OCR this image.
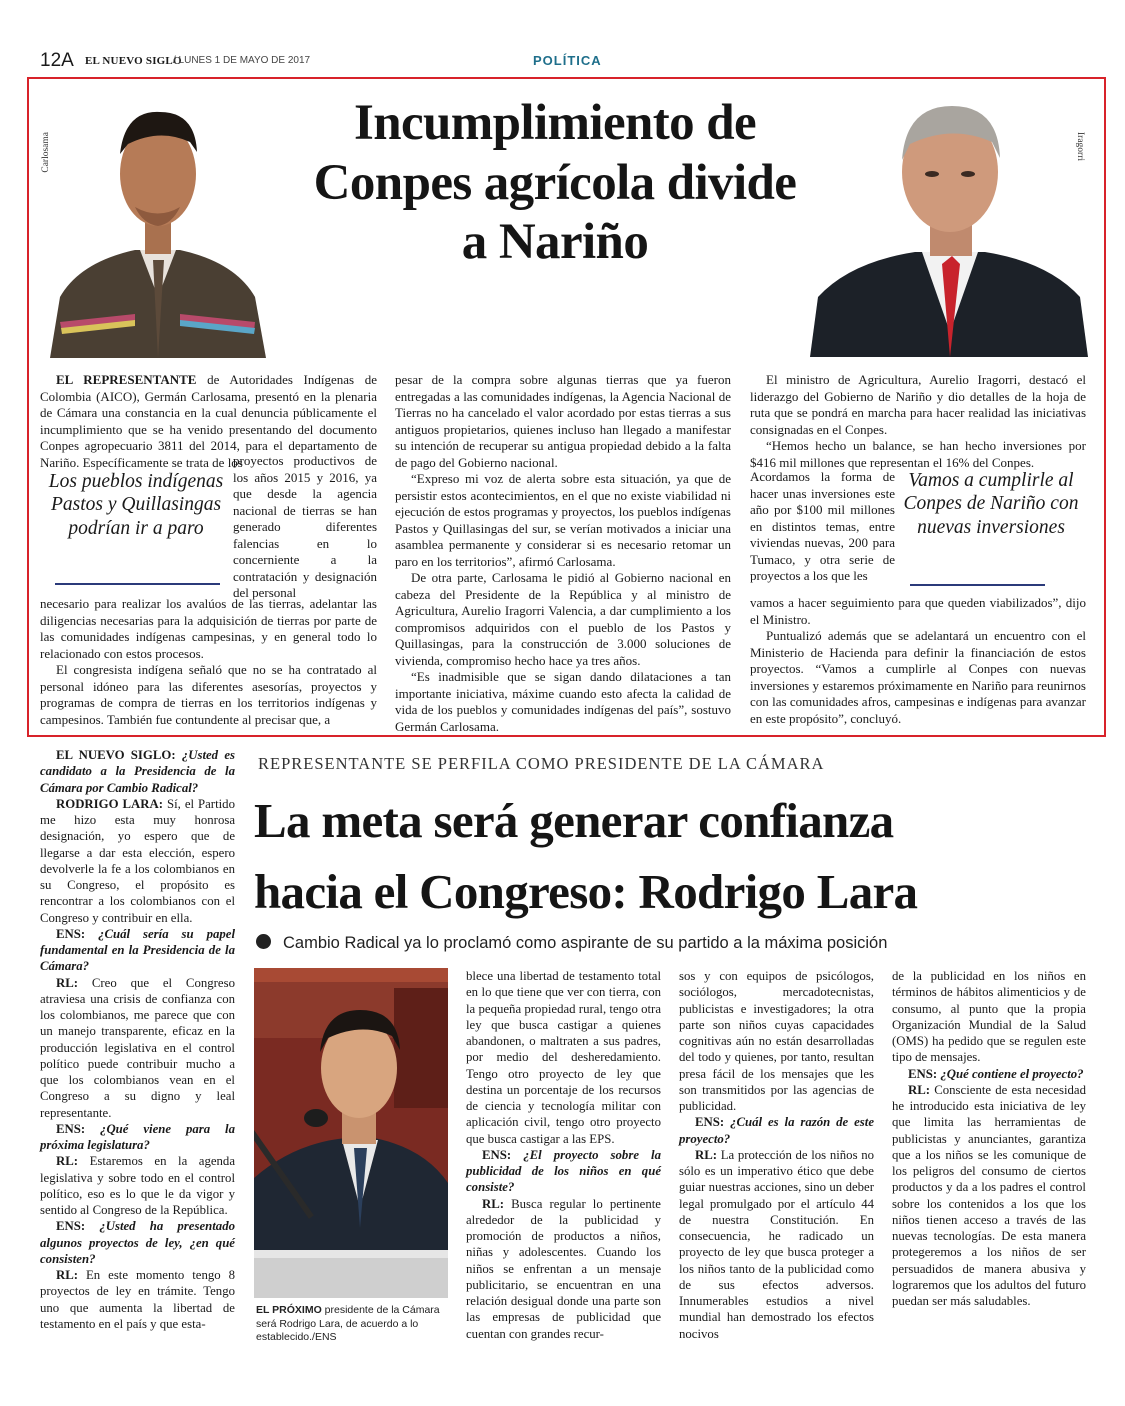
12A EL NUEVO SIGLO
/ LUNES 1 DE MAYO DE 2017	POLÍTICA
Carlosama	Iragorri
Incumplimiento de Conpes agrícola divide a Nariño

EL REPRESENTANTE de Autoridades Indígenas de Colombia (AICO), Germán Carlosama, presentó en la plenaria de Cámara una constancia en la cual denuncia públicamente el incumplimiento que se ha venido presentando del documento Conpes agropecuario 3811 del 2014, para el departamento de Nariño. Específicamente se trata de los

proyectos productivos de los años 2015 y 2016, ya que desde la agencia nacional de tierras se han generado diferentes falencias en lo concerniente a la contratación y designación del personal

necesario para realizar los avalúos de las tierras, adelantar las diligencias necesarias para la adquisición de tierras por parte de las comunidades indígenas campesinas, y en general todo lo relacionado con estos procesos.

El congresista indígena señaló que no se ha contratado al personal idóneo para las diferentes asesorías, proyectos y programas de compra de tierras en los territorios indígenas y campesinos. También fue contundente al precisar que, a

Los pueblos indígenas Pastos y Quillasingas podrían ir a paro

pesar de la compra sobre algunas tierras que ya fueron entregadas a las comunidades indígenas, la Agencia Nacional de Tierras no ha cancelado el valor acordado por estas tierras a sus antiguos propietarios, quienes incluso han llegado a manifestar su intención de recuperar su antigua propiedad debido a la falta de pago del Gobierno nacional.

“Expreso mi voz de alerta sobre esta situación, ya que de persistir estos acontecimientos, en el que no existe viabilidad ni ejecución de estos programas y proyectos, los pueblos indígenas Pastos y Quillasingas del sur, se verían motivados a iniciar una asamblea permanente y considerar si es necesario retomar un paro en los territorios”, afirmó Carlosama.

De otra parte, Carlosama le pidió al Gobierno nacional en cabeza del Presidente de la República y al ministro de Agricultura, Aurelio Iragorri Valencia, a dar cumplimiento a los compromisos adquiridos con el pueblo de los Pastos y Quillasingas, para la construcción de 3.000 soluciones de vivienda, compromiso hecho hace ya tres años.

“Es inadmisible que se sigan dando dilataciones a tan importante iniciativa, máxime cuando esto afecta la calidad de vida de los pueblos y comunidades indígenas del país”, sostuvo Germán Carlosama.

El ministro de Agricultura, Aurelio Iragorri, destacó el liderazgo del Gobierno de Nariño y dio detalles de la hoja de ruta que se pondrá en marcha para hacer realidad las iniciativas consignadas en el Conpes.

“Hemos hecho un balance, se han hecho inversiones por $416 mil millones que representan el 16% del Conpes.

Acordamos la forma de hacer unas inversiones este año por $100 mil millones en distintos temas, entre viviendas nuevas, 200 para Tumaco, y otra serie de proyectos a los que les

vamos a hacer seguimiento para que queden viabilizados”, dijo el Ministro.

Puntualizó además que se adelantará un encuentro con el Ministerio de Hacienda para definir la financiación de estos proyectos. “Vamos a cumplirle al Conpes con nuevas inversiones y estaremos próximamente en Nariño para reunirnos con las comunidades afros, campesinas e indígenas para avanzar en este propósito”, concluyó.

Vamos a cumplirle al Conpes de Nariño con nuevas inversiones
REPRESENTANTE SE PERFILA COMO PRESIDENTE DE LA CÁMARA
La meta será generar confianza
hacia el Congreso: Rodrigo Lara
Cambio Radical ya lo proclamó como aspirante de su partido a la máxima posición

EL NUEVO SIGLO: ¿Usted es candidato a la Presidencia de la Cámara por Cambio Radical?

RODRIGO LARA: Sí, el Partido me hizo esta muy honrosa designación, yo espero que de llegarse a dar esta elección, espero devolverle la fe a los colombianos en su Congreso, el propósito es rencontrar a los colombianos con el Congreso y contribuir en ella.

ENS: ¿Cuál sería su papel fundamental en la Presidencia de la Cámara?

RL: Creo que el Congreso atraviesa una crisis de confianza con los colombianos, me parece que con un manejo transparente, eficaz en la producción legislativa en el control político puede contribuir mucho a que los colombianos vean en el Congreso a su digno y leal representante.

ENS: ¿Qué viene para la próxima legislatura?

RL: Estaremos en la agenda legislativa y sobre todo en el control político, eso es lo que le da vigor y sentido al Congreso de la República.

ENS: ¿Usted ha presentado algunos proyectos de ley, ¿en qué consisten?

RL: En este momento tengo 8 proyectos de ley en trámite. Tengo uno que aumenta la libertad de testamento en el país y que esta-

EL PRÓXIMO presidente de la Cámara será Rodrigo Lara, de acuerdo a lo establecido./ENS

blece una libertad de testamento total en lo que tiene que ver con tierra, con la pequeña propiedad rural, tengo otra ley que busca castigar a quienes abandonen, o maltraten a sus padres, por medio del desheredamiento. Tengo otro proyecto de ley que destina un porcentaje de los recursos de ciencia y tecnología militar con aplicación civil, tengo otro proyecto que busca castigar a las EPS.

ENS: ¿El proyecto sobre la publicidad de los niños en qué consiste?

RL: Busca regular lo pertinente alrededor de la publicidad y promoción de productos a niños, niñas y adolescentes. Cuando los niños se enfrentan a un mensaje publicitario, se encuentran en una relación desigual donde una parte son las empresas de publicidad que cuentan con grandes recur-

sos y con equipos de psicólogos, sociólogos, mercadotecnistas, publicistas e investigadores; la otra parte son niños cuyas capacidades cognitivas aún no están desarrolladas del todo y quienes, por tanto, resultan presa fácil de los mensajes que les son transmitidos por las agencias de publicidad.

ENS: ¿Cuál es la razón de este proyecto?

RL: La protección de los niños no sólo es un imperativo ético que debe guiar nuestras acciones, sino un deber legal promulgado por el artículo 44 de nuestra Constitución. En consecuencia, he radicado un proyecto de ley que busca proteger a los niños tanto de la publicidad como de sus efectos adversos. Innumerables estudios a nivel mundial han demostrado los efectos nocivos

de la publicidad en los niños en términos de hábitos alimenticios y de consumo, al punto que la propia Organización Mundial de la Salud (OMS) ha pedido que se regulen este tipo de mensajes.

ENS: ¿Qué contiene el proyecto?

RL: Consciente de esta necesidad he introducido esta iniciativa de ley que limita las herramientas de publicistas y anunciantes, garantiza que a los niños se les comunique de los peligros del consumo de ciertos productos y da a los padres el control sobre los contenidos a los que los niños tienen acceso a través de las nuevas tecnologías. De esta manera protegeremos a los niños de ser persuadidos de manera abusiva y lograremos que los adultos del futuro puedan ser más saludables.
